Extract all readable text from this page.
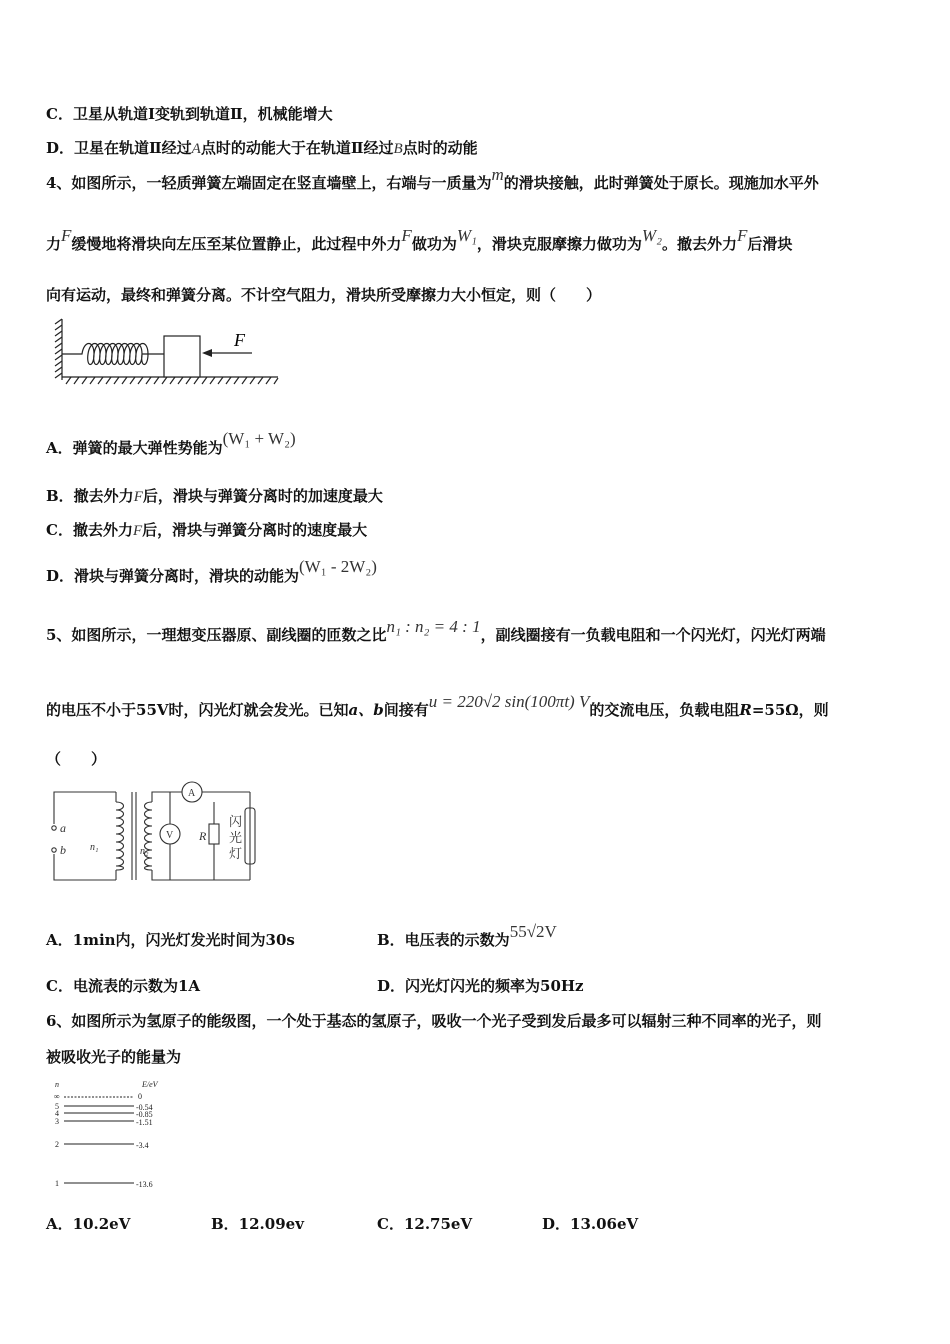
C．卫星从轨道Ⅰ变轨到轨道Ⅱ，机械能增大
D．卫星在轨道Ⅱ经过A点时的动能大于在轨道Ⅱ经过B点时的动能
4、如图所示，一轻质弹簧左端固定在竖直墙壁上，右端与一质量为m的滑块接触，此时弹簧处于原长。现施加水平外
力F缓慢地将滑块向左压至某位置静止，此过程中外力F做功为W₁，滑块克服摩擦力做功为W₂。撤去外力F后滑块
向有运动，最终和弹簧分离。不计空气阻力，滑块所受摩擦力大小恒定，则（　　）
F
A．弹簧的最大弹性势能为(W₁ + W₂)
B．撤去外力F后，滑块与弹簧分离时的加速度最大
C．撤去外力F后，滑块与弹簧分离时的速度最大
D．滑块与弹簧分离时，滑块的动能为(W₁ - 2W₂)
5、如图所示，一理想变压器原、副线圈的匝数之比n₁ : n₂ = 4 : 1，副线圈接有一负载电阻和一个闪光灯，闪光灯两端
的电压不小于55V时，闪光灯就会发光。已知a、b间接有u = 220√2 sin(100πt) V的交流电压，负载电阻R=55Ω，则
（　　）
a
b n₁	n₂
V
A
R
闪
光
灯
A．1min内，闪光灯发光时间为30s	B．电压表的示数为55√2V
C．电流表的示数为1A	D．闪光灯闪光的频率为50Hz
6、如图所示为氢原子的能级图，一个处于基态的氢原子，吸收一个光子受到发后最多可以辐射三种不同率的光子，则
被吸收光子的能量为
n	E/eV
∞	0
5	-0.54
4	-0.85
3	-1.51
2	-3.4
1	-13.6
A．10.2eV	B．12.09ev	C．12.75eV	D．13.06eV
